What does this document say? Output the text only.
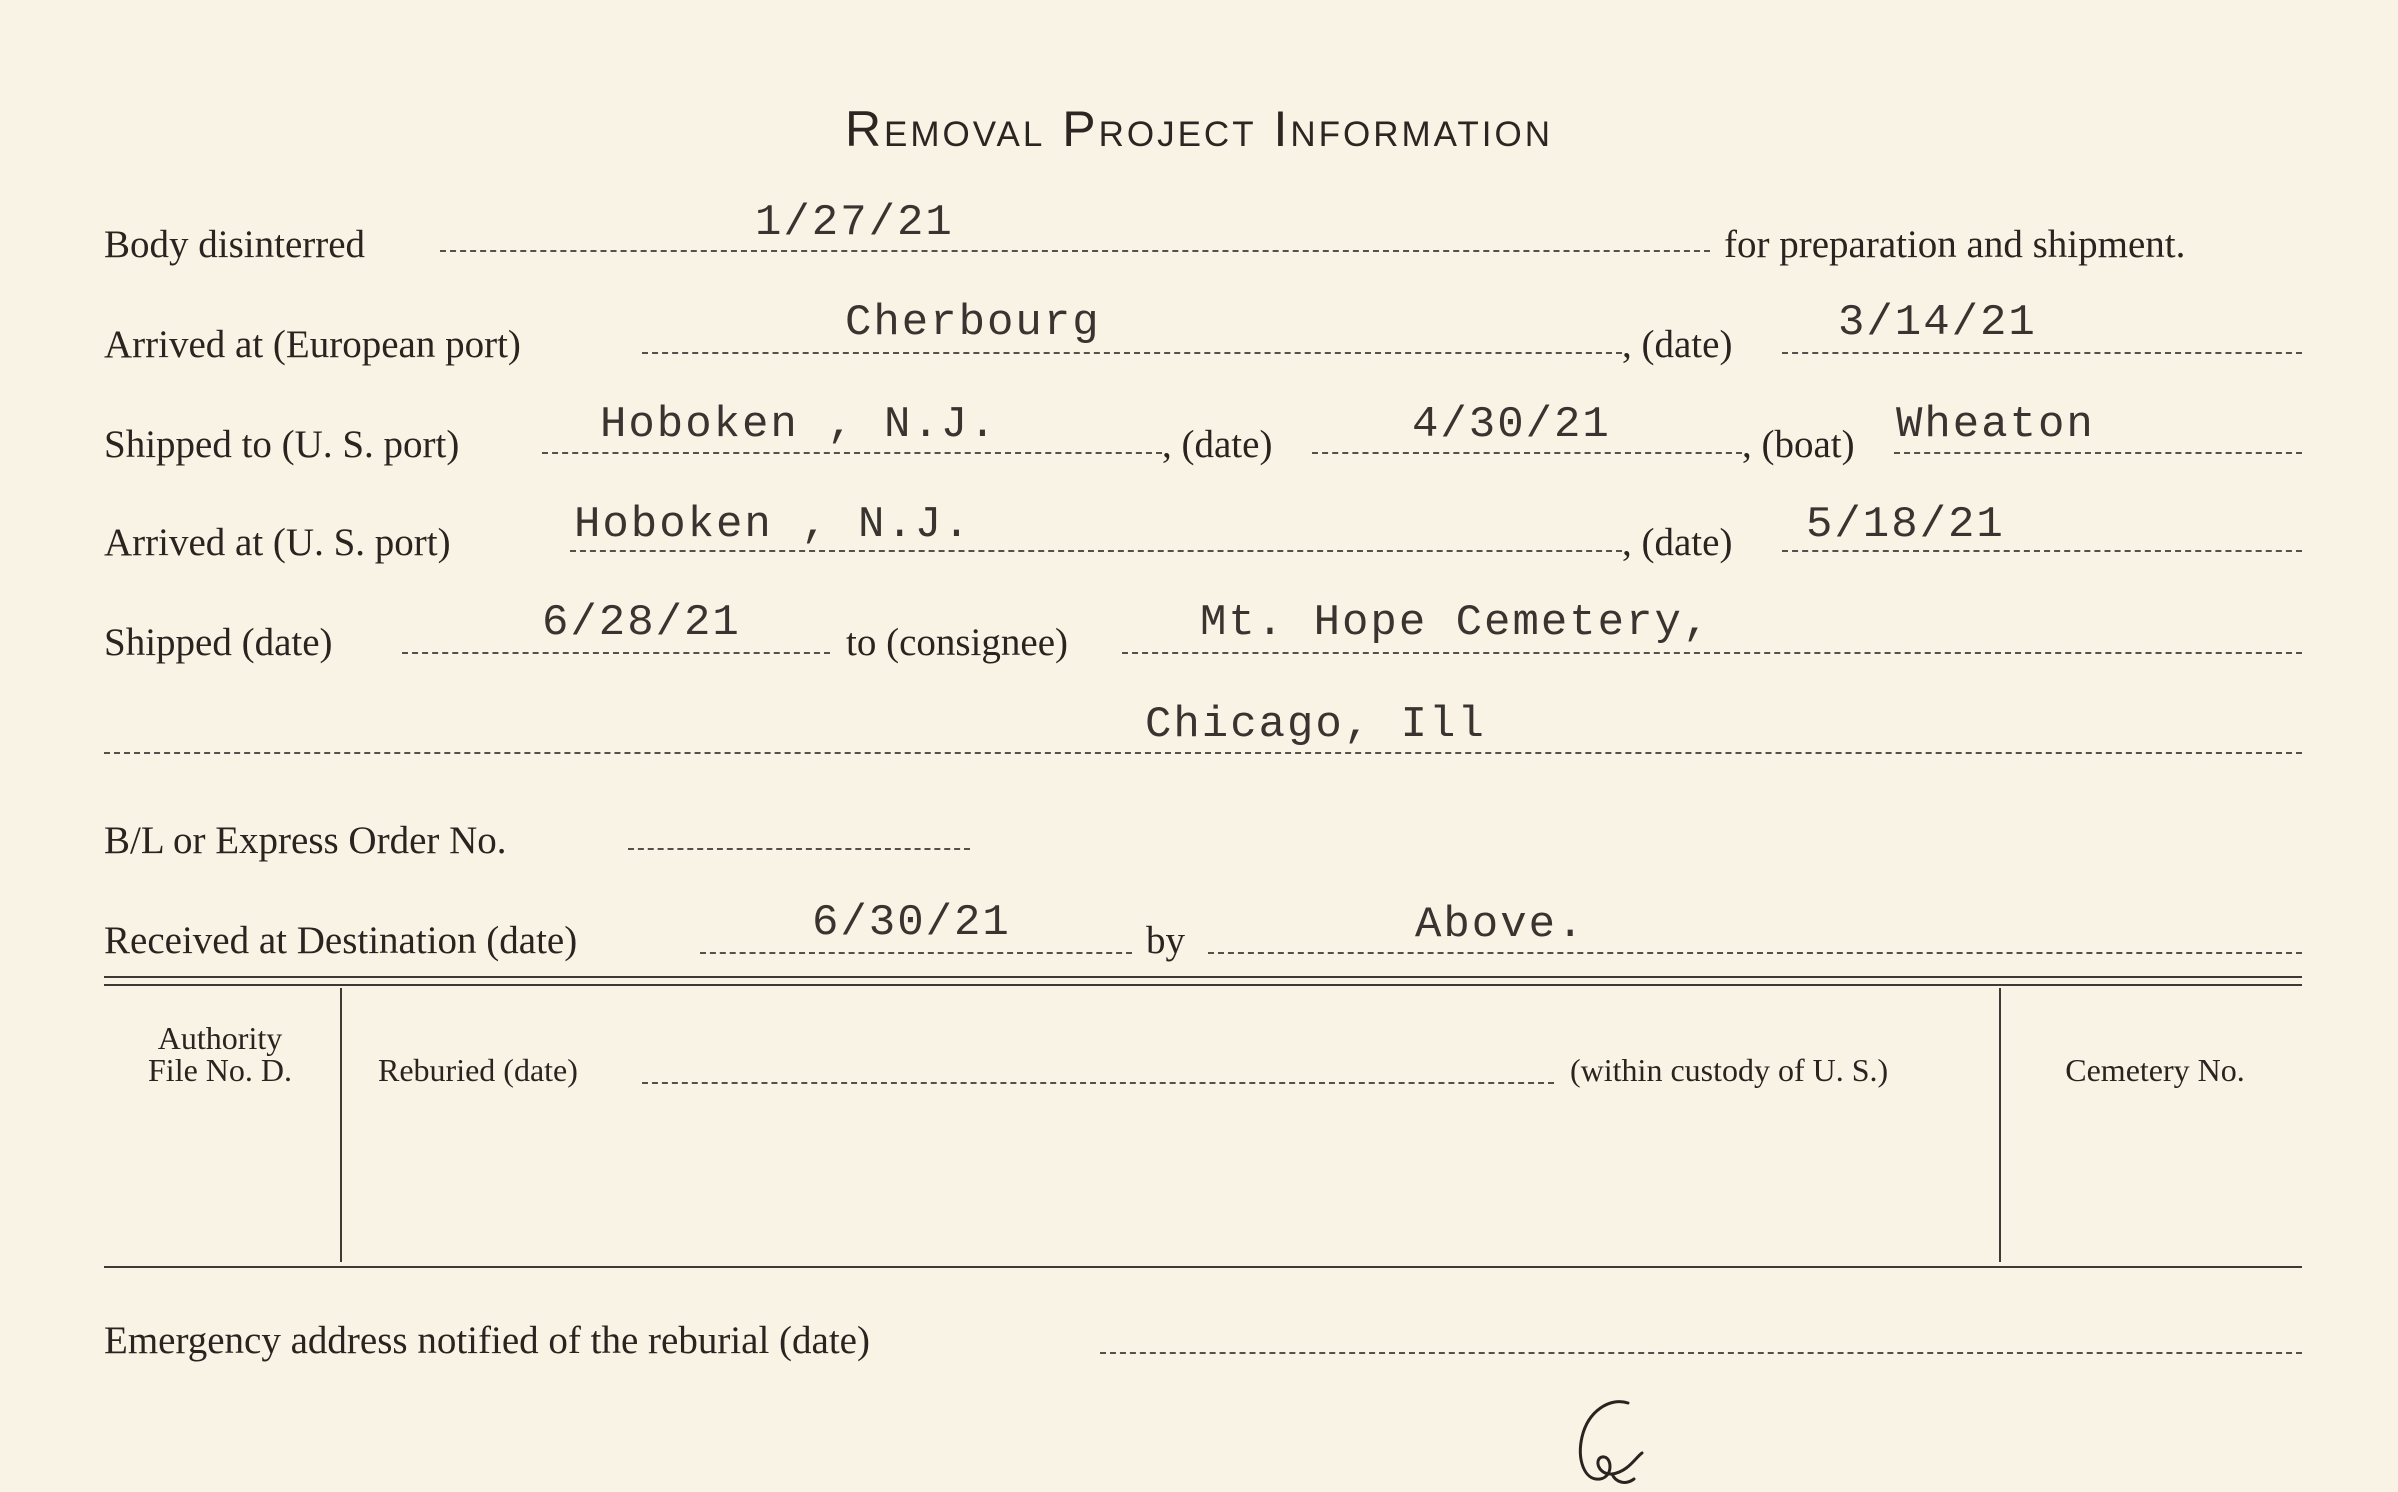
Removal Project Information
Body disinterred	1/27/21	for preparation and shipment.
Arrived at (European port)	Cherbourg	, (date) 3/14/21
Shipped to (U. S. port)	Hoboken , N.J.	, (date)	4/30/21	, (boat) Wheaton
Arrived at (U. S. port)	Hoboken , N.J.	, (date) 5/18/21
Shipped (date)	6/28/21	to (consignee)	Mt. Hope Cemetery,
Chicago, Ill
B/L or Express Order No.
Received at Destination (date)	6/30/21	by	Above.
Authority
File No. D.	Reburied (date)	(within custody of U. S.)	Cemetery No.
Emergency address notified of the reburial (date)
